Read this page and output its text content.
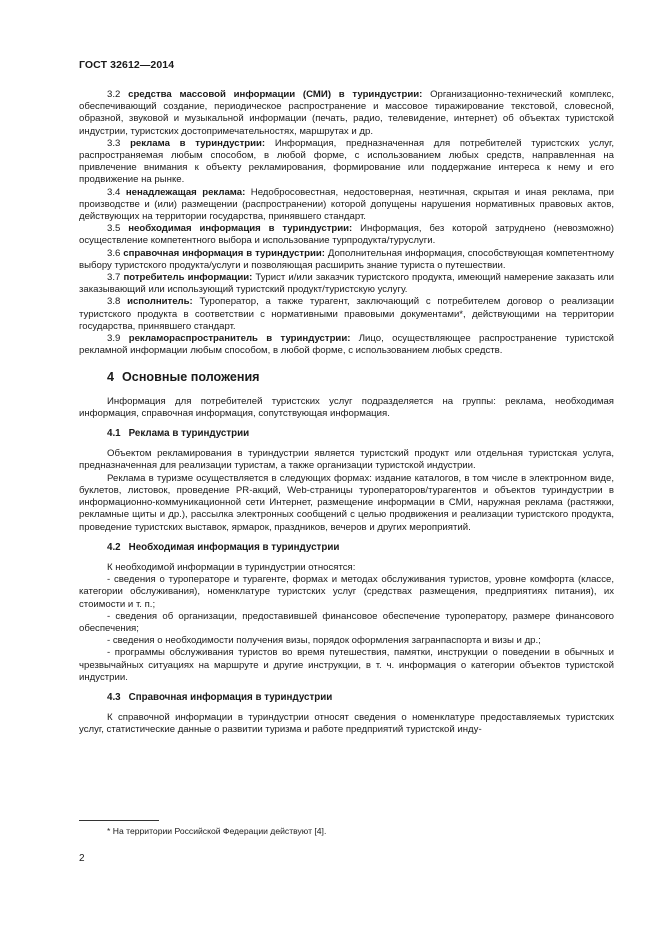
ГОСТ 32612—2014

3.2 средства массовой информации (СМИ) в туриндустрии: Организационно-технический комплекс, обеспечивающий создание, периодическое распространение и массовое тиражирование текстовой, словесной, образной, звуковой и музыкальной информации (печать, радио, телевидение, интернет) об объектах туристской индустрии, туристских достопримечательностях, маршрутах и др.

3.3 реклама в туриндустрии: Информация, предназначенная для потребителей туристских услуг, распространяемая любым способом, в любой форме, с использованием любых средств, направленная на привлечение внимания к объекту рекламирования, формирование или поддержание интереса к нему и его продвижение на рынке.

3.4 ненадлежащая реклама: Недобросовестная, недостоверная, неэтичная, скрытая и иная реклама, при производстве и (или) размещении (распространении) которой допущены нарушения нормативных правовых актов, действующих на территории государства, принявшего стандарт.

3.5 необходимая информация в туриндустрии: Информация, без которой затруднено (невозможно) осуществление компетентного выбора и использование турпродукта/туруслуги.

3.6 справочная информация в туриндустрии: Дополнительная информация, способствующая компетентному выбору туристского продукта/услуги и позволяющая расширить знание туриста о путешествии.

3.7 потребитель информации: Турист и/или заказчик туристского продукта, имеющий намерение заказать или заказывающий или использующий туристский продукт/туристскую услугу.

3.8 исполнитель: Туроператор, а также турагент, заключающий с потребителем договор о реализации туристского продукта в соответствии с нормативными правовыми документами*, действующими на территории государства, принявшего стандарт.

3.9 рекламораспространитель в туриндустрии: Лицо, осуществляющее распространение туристской рекламной информации любым способом, в любой форме, с использованием любых средств.

4 Основные положения

Информация для потребителей туристских услуг подразделяется на группы: реклама, необходимая информация, справочная информация, сопутствующая информация.

4.1 Реклама в туриндустрии

Объектом рекламирования в туриндустрии является туристский продукт или отдельная туристская услуга, предназначенная для реализации туристам, а также организации туристской индустрии.

Реклама в туризме осуществляется в следующих формах: издание каталогов, в том числе в электронном виде, буклетов, листовок, проведение PR-акций, Web-страницы туроператоров/турагентов и объектов туриндустрии в информационно-коммуникационной сети Интернет, размещение информации в СМИ, наружная реклама (растяжки, рекламные щиты и др.), рассылка электронных сообщений с целью продвижения и реализации туристского продукта, проведение туристских выставок, ярмарок, праздников, вечеров и других мероприятий.

4.2 Необходимая информация в туриндустрии

К необходимой информации в туриндустрии относятся:

- сведения о туроператоре и турагенте, формах и методах обслуживания туристов, уровне комфорта (классе, категории обслуживания), номенклатуре туристских услуг (средствах размещения, предприятиях питания), их стоимости и т. п.;

- сведения об организации, предоставившей финансовое обеспечение туроператору, размере финансового обеспечения;

- сведения о необходимости получения визы, порядок оформления загранпаспорта и визы и др.;

- программы обслуживания туристов во время путешествия, памятки, инструкции о поведении в обычных и чрезвычайных ситуациях на маршруте и другие инструкции, в т. ч. информация о категории объектов туристской индустрии.

4.3 Справочная информация в туриндустрии

К справочной информации в туриндустрии относят сведения о номенклатуре предоставляемых туристских услуг, статистические данные о развитии туризма и работе предприятий туристской инду-

* На территории Российской Федерации действуют [4].
2
